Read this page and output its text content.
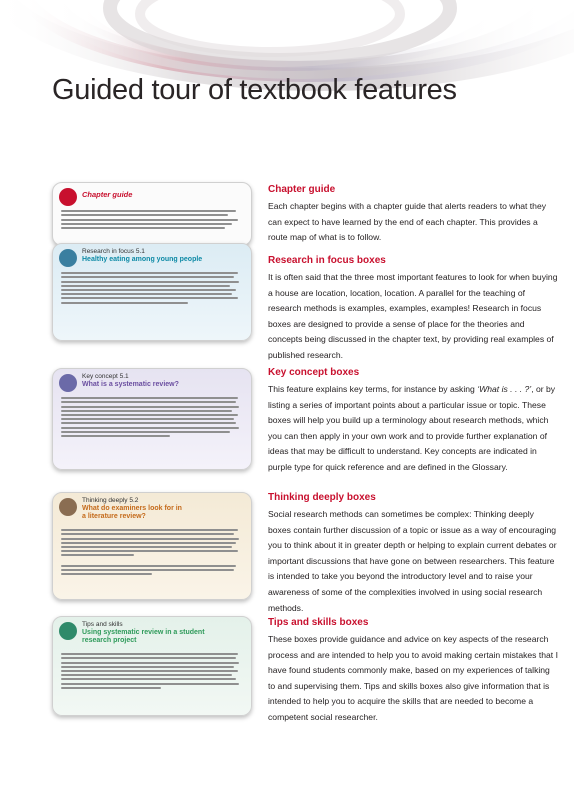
Guided tour of textbook features
Chapter guide
Research in focus 5.1
Healthy eating among young people
Key concept 5.1
What is a systematic review?
Thinking deeply 5.2
What do examiners look for in
a literature review?
Tips and skills
Using systematic review in a student
research project
Chapter guide

Each chapter begins with a chapter guide that alerts readers to what they can expect to have learned by the end of each chapter. This provides a route map of what is to follow.

Research in focus boxes

It is often said that the three most important features to look for when buying a house are location, location, location. A parallel for the teaching of research methods is examples, examples, examples! Research in focus boxes are designed to provide a sense of place for the theories and concepts being discussed in the chapter text, by providing real examples of published research.

Key concept boxes

This feature explains key terms, for instance by asking ‘What is . . . ?’, or by listing a series of important points about a particular issue or topic. These boxes will help you build up a terminology about research methods, which you can then apply in your own work and to provide further explanation of ideas that may be difficult to understand. Key concepts are indicated in purple type for quick reference and are defined in the Glossary.

Thinking deeply boxes

Social research methods can sometimes be complex: Thinking deeply boxes contain further discussion of a topic or issue as a way of encouraging you to think about it in greater depth or helping to explain current debates or important discussions that have gone on between researchers. This feature is intended to take you beyond the introductory level and to raise your awareness of some of the complexities involved in using social research methods.

Tips and skills boxes

These boxes provide guidance and advice on key aspects of the research process and are intended to help you to avoid making certain mistakes that I have found students commonly make, based on my experiences of talking to and supervising them. Tips and skills boxes also give information that is intended to help you to acquire the skills that are needed to become a competent social researcher.
